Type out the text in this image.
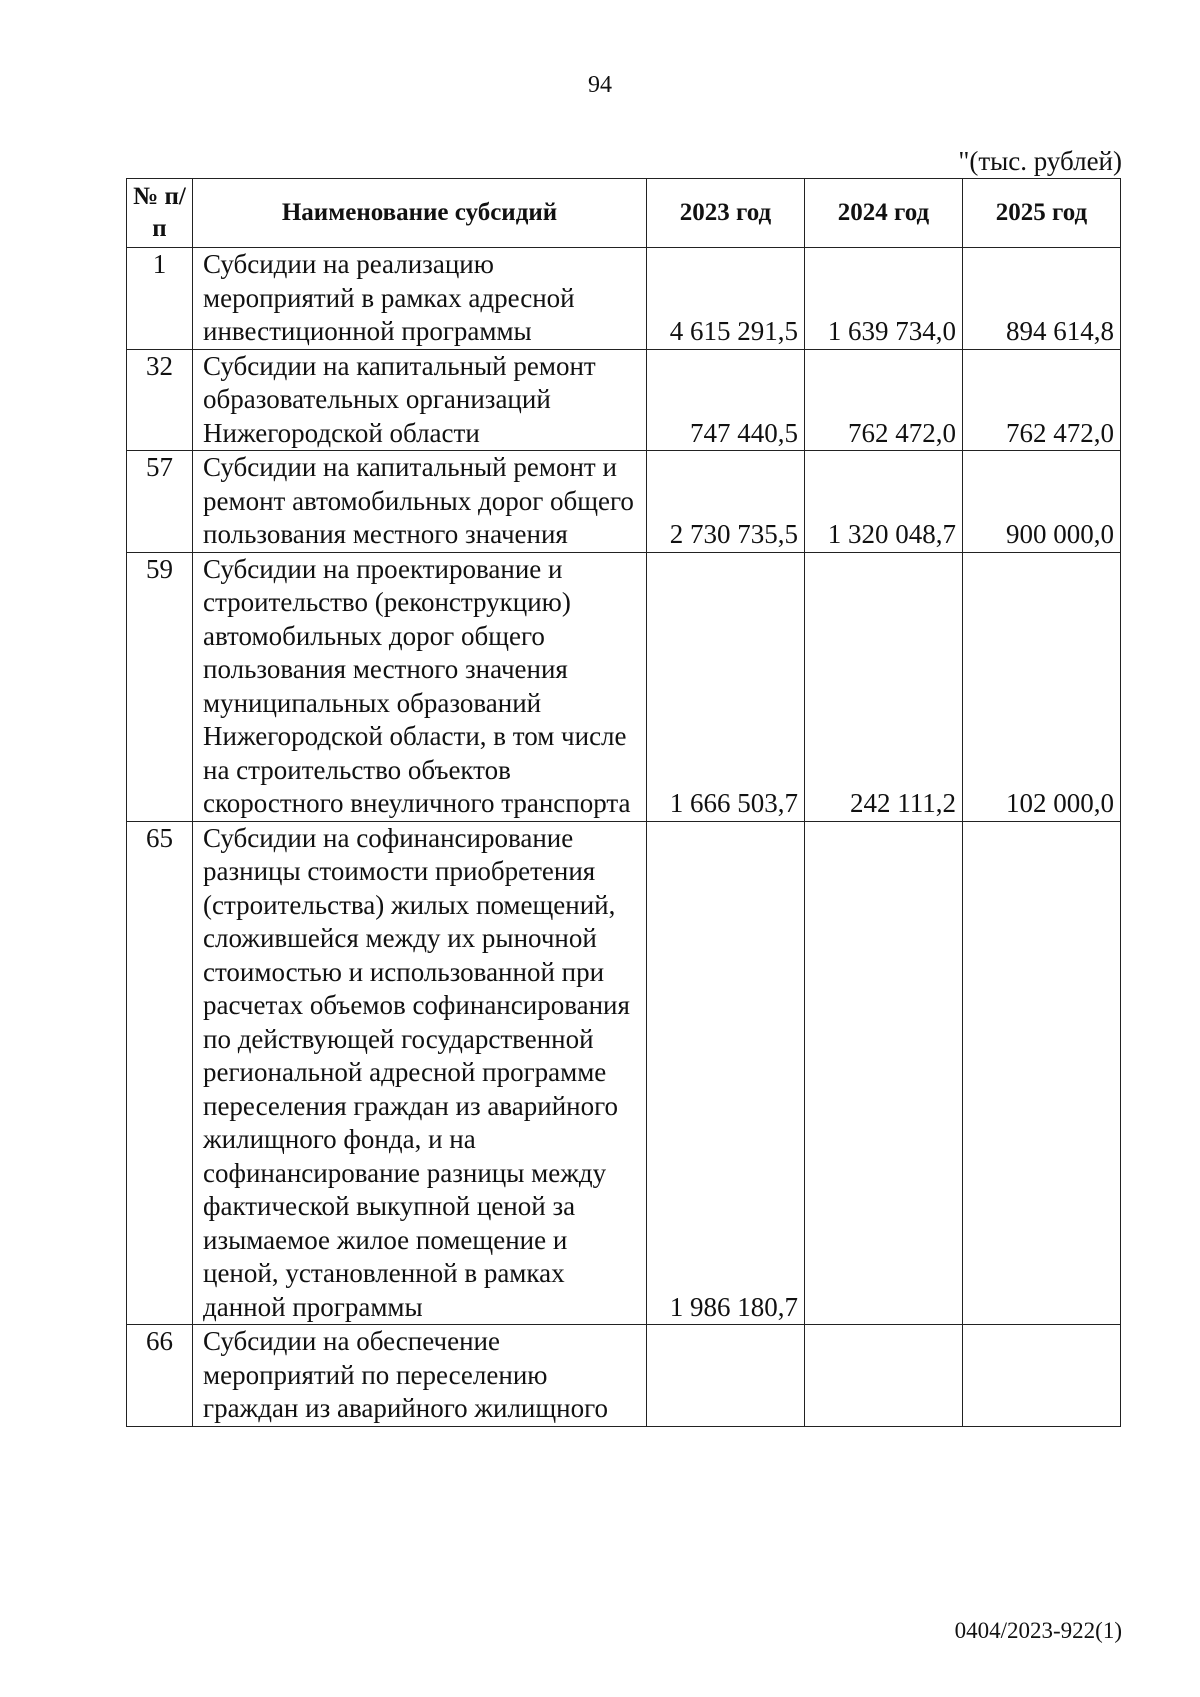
94
"(тыс. рублей)
№ п/п	Наименование субсидий	2023 год	2024 год	2025 год
1	Субсидии на реализацию мероприятий в рамках адресной инвестиционной программы	4 615 291,5	1 639 734,0	894 614,8
32	Субсидии на капитальный ремонт образовательных организаций Нижегородской области	747 440,5	762 472,0	762 472,0
57	Субсидии на капитальный ремонт и ремонт автомобильных дорог общего пользования местного значения	2 730 735,5	1 320 048,7	900 000,0
59	Субсидии на проектирование и строительство (реконструкцию) автомобильных дорог общего пользования местного значения муниципальных образований Нижегородской области, в том числе на строительство объектов скоростного внеуличного транспорта	1 666 503,7	242 111,2	102 000,0
65	Субсидии на софинансирование разницы стоимости приобретения (строительства) жилых помещений, сложившейся между их рыночной стоимостью и использованной при расчетах объемов софинансирования по действующей государственной региональной адресной программе переселения граждан из аварийного жилищного фонда, и на софинансирование разницы между фактической выкупной ценой за изымаемое жилое помещение и ценой, установленной в рамках данной программы	1 986 180,7		
66	Субсидии на обеспечение мероприятий по переселению граждан из аварийного жилищного			
0404/2023-922(1)
